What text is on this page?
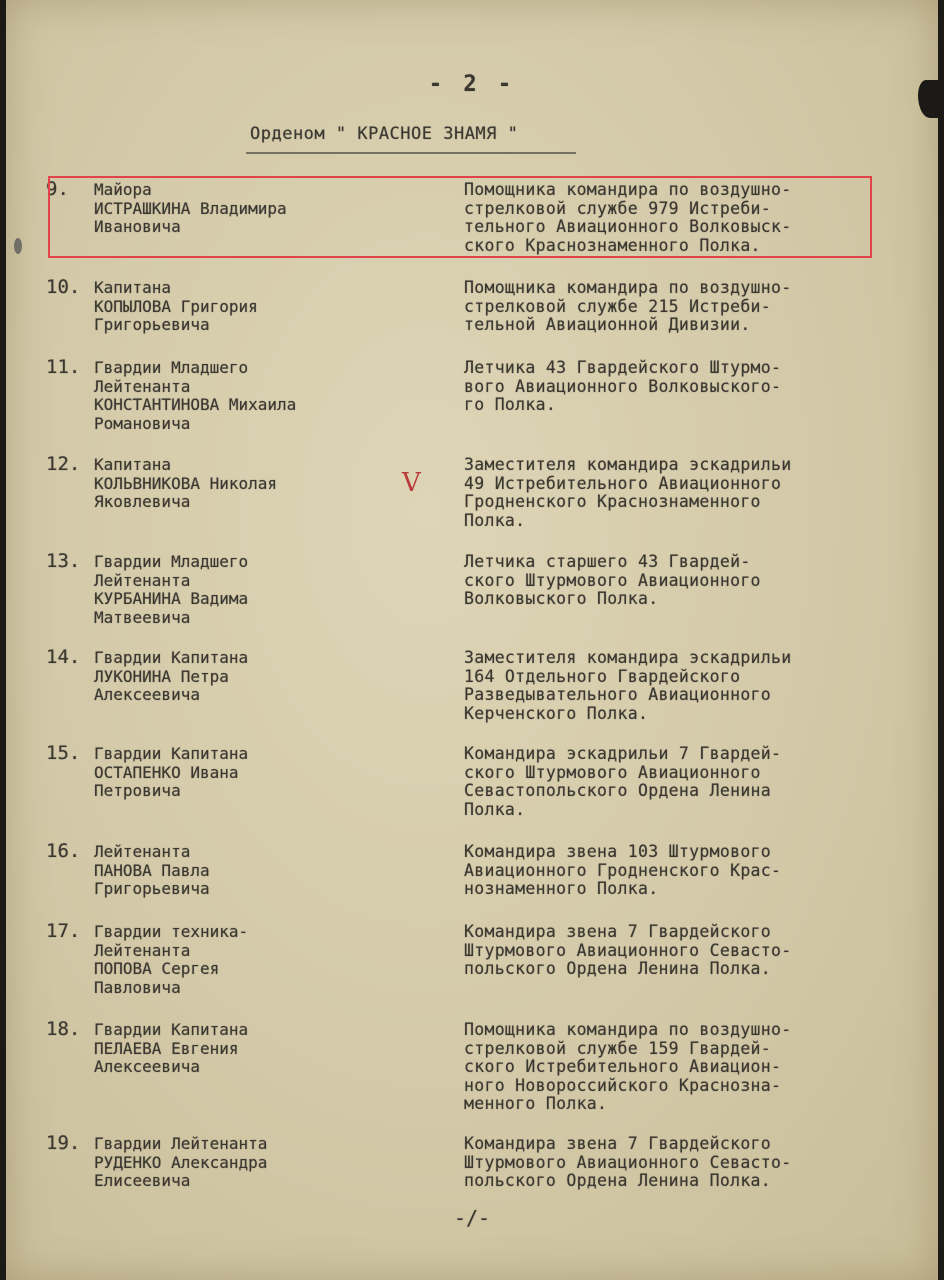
- 2 -
Орденом " КРАСНОЕ ЗНАМЯ "
9. Майора
ИСТРАШКИНА Владимира
Ивановича
Помощника командира по воздушно-
стрелковой службе 979 Истреби-
тельного Авиационного Волковыск-
ского Краснознаменного Полка.
10. Капитана
КОПЫЛОВА Григория
Григорьевича
Помощника командира по воздушно-
стрелковой службе 215 Истреби-
тельной Авиационной Дивизии.
11. Гвардии Младшего
Лейтенанта
КОНСТАНТИНОВА Михаила
Романовича
Летчика 43 Гвардейского Штурмо-
вого Авиационного Волковыского-
го Полка.
12. Капитана
КОЛЬВНИКОВА Николая
Яковлевича
Заместителя командира эскадрильи
49 Истребительного Авиационного
Гродненского Краснознаменного
Полка.
13. Гвардии Младшего
Лейтенанта
КУРБАНИНА Вадима
Матвеевича
Летчика старшего 43 Гвардей-
ского Штурмового Авиационного
Волковыского Полка.
14. Гвардии Капитана
ЛУКОНИНА Петра
Алексеевича
Заместителя командира эскадрильи
164 Отдельного Гвардейского
Разведывательного Авиационного
Керченского Полка.
15. Гвардии Капитана
ОСТАПЕНКО Ивана
Петровича
Командира эскадрильи 7 Гвардей-
ского Штурмового Авиационного
Севастопольского Ордена Ленина
Полка.
16. Лейтенанта
ПАНОВА Павла
Григорьевича
Командира звена 103 Штурмового
Авиационного Гродненского Крас-
нознаменного Полка.
17. Гвардии техника-
Лейтенанта
ПОПОВА Сергея
Павловича
Командира звена 7 Гвардейского
Штурмового Авиационного Севасто-
польского Ордена Ленина Полка.
18. Гвардии Капитана
ПЕЛАЕВА Евгения
Алексеевича
Помощника командира по воздушно-
стрелковой службе 159 Гвардей-
ского Истребительного Авиацион-
ного Новороссийского Краснозна-
менного Полка.
19. Гвардии Лейтенанта
РУДЕНКО Александра
Елисеевича
Командира звена 7 Гвардейского
Штурмового Авиационного Севасто-
польского Ордена Ленина Полка.
V
-/-
